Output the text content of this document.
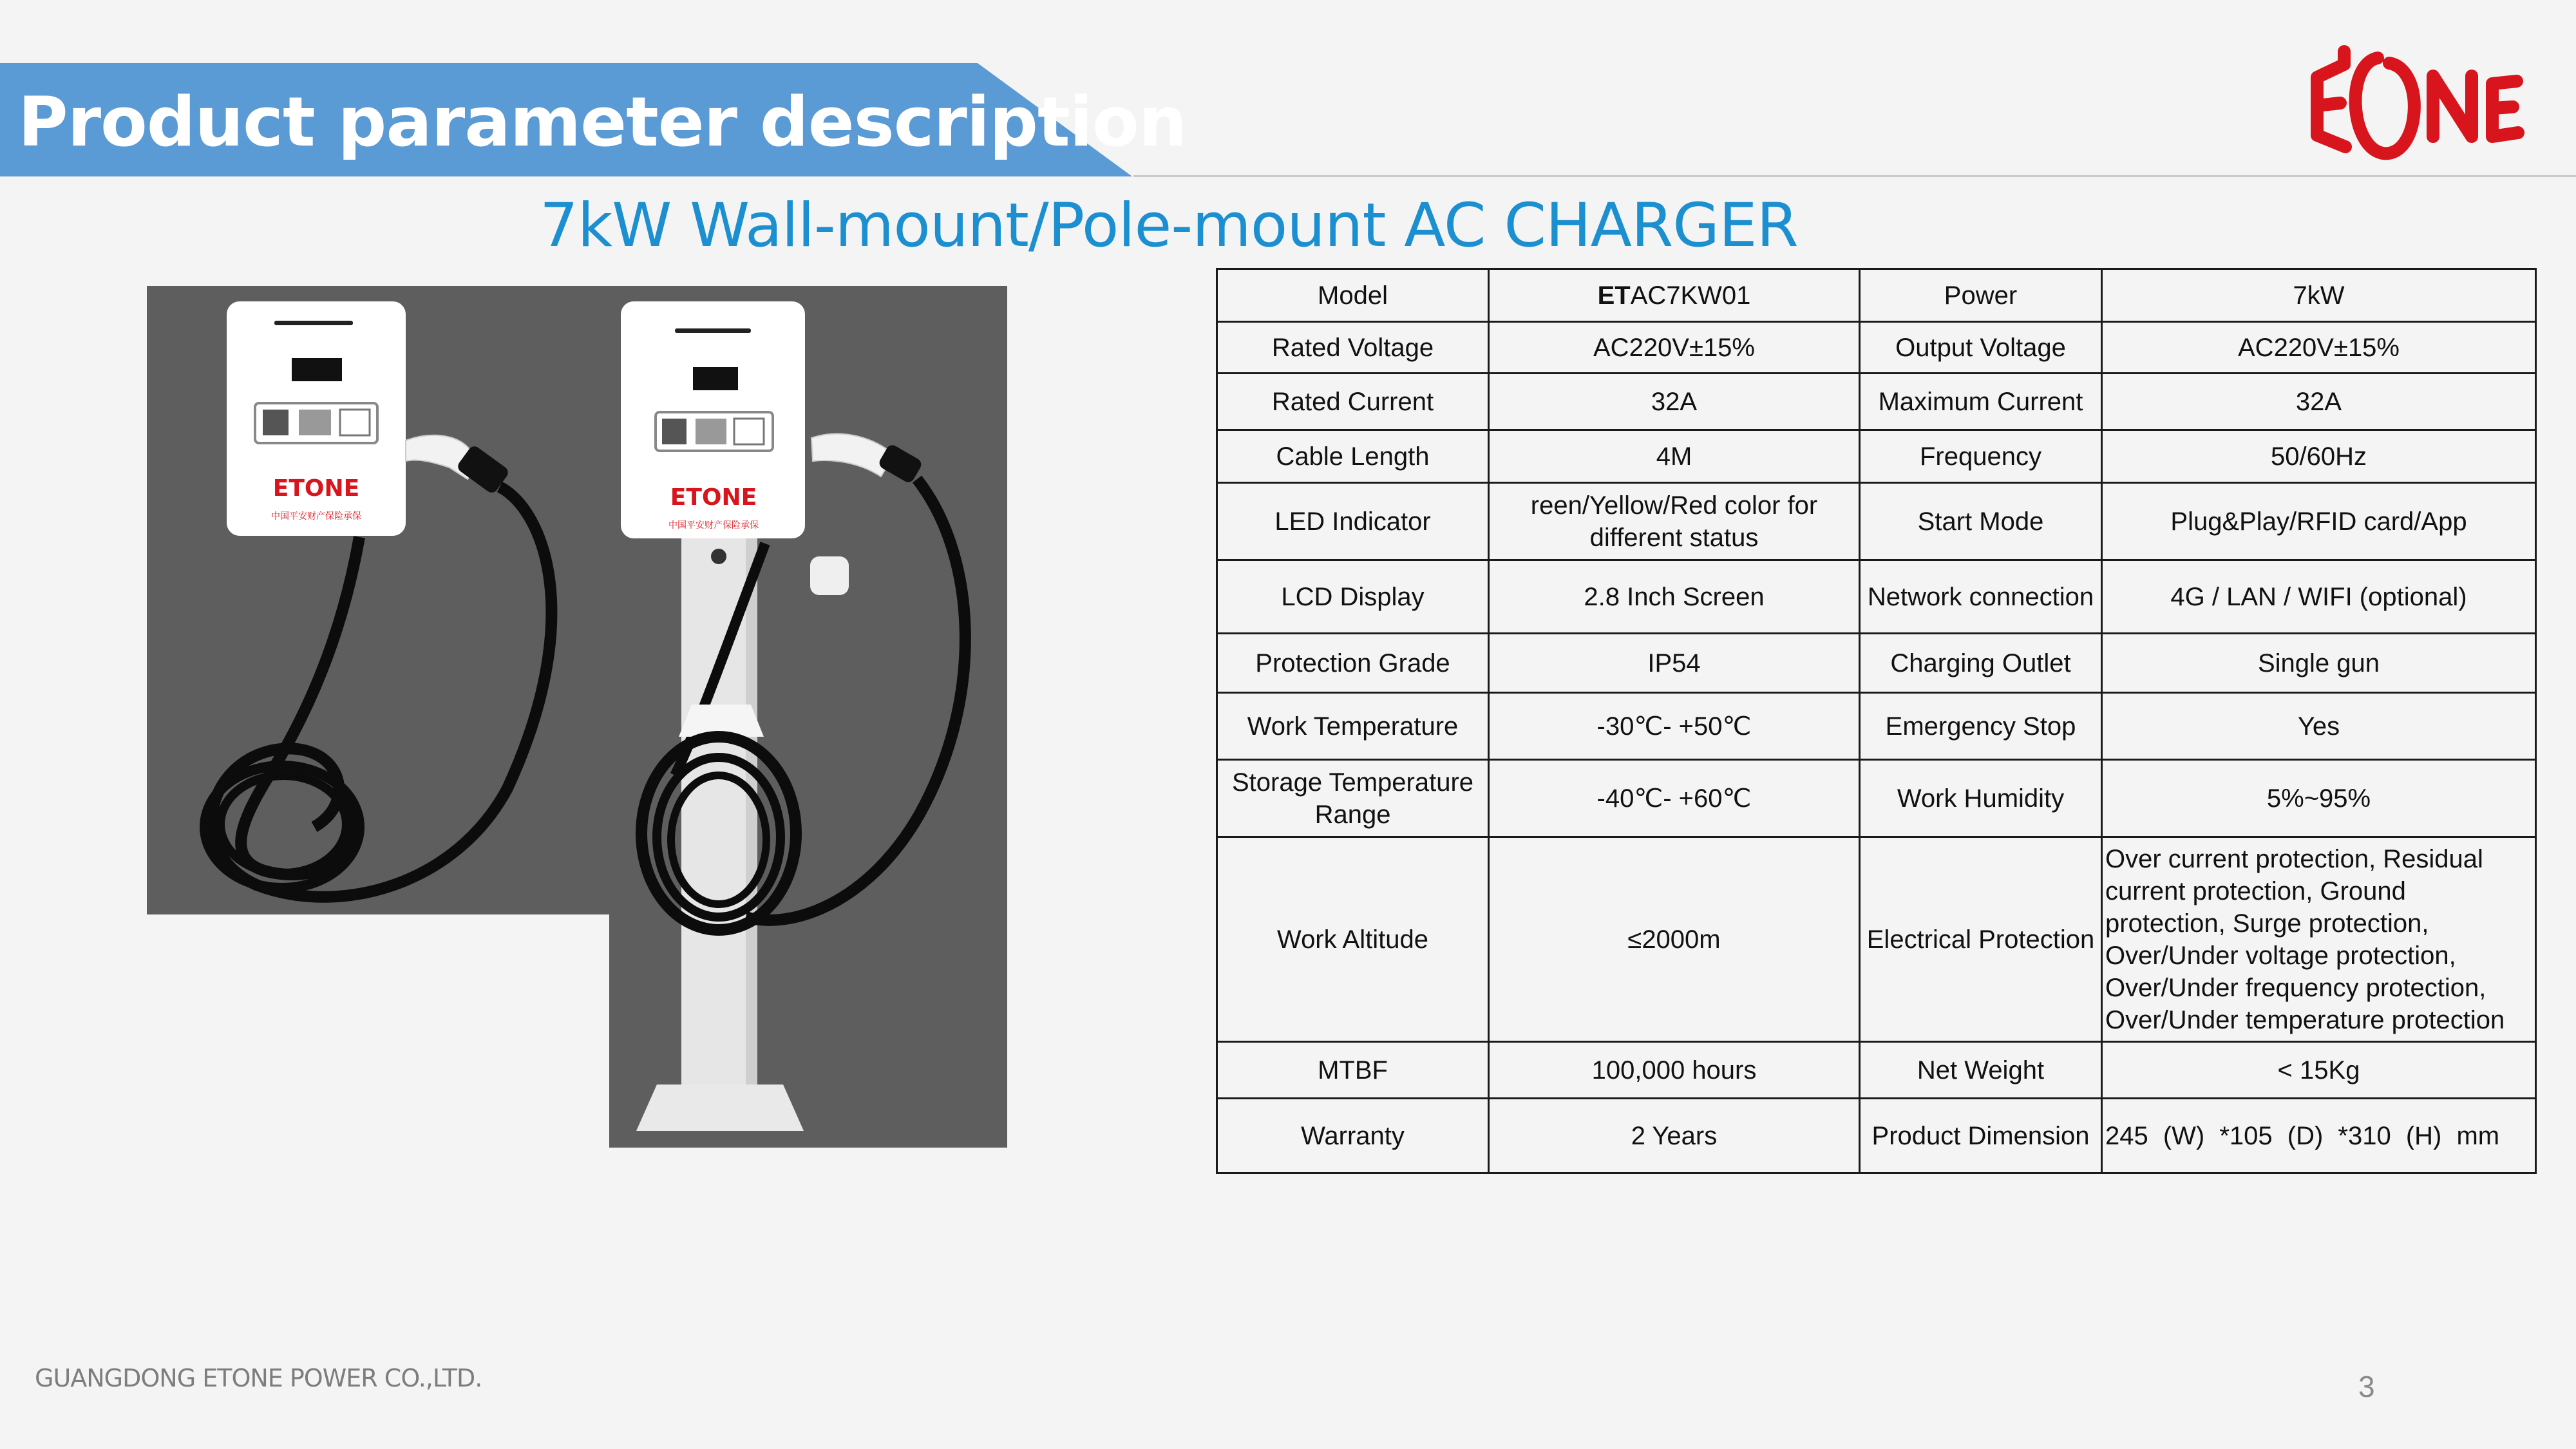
Product parameter description
7kW Wall-mount/Pole-mount AC CHARGER
ETONE
中国平安财产保险承保
ETONE
中国平安财产保险承保
Model	ETAC7KW01	Power	7kW
Rated Voltage	AC220V±15%	Output Voltage	AC220V±15%
Rated Current	32A	Maximum Current	32A
Cable Length	4M	Frequency	50/60Hz
LED Indicator	reen/Yellow/Red color for different status	Start Mode	Plug&Play/RFID card/App
LCD Display	2.8 Inch Screen	Network connection	4G / LAN / WIFI (optional)
Protection Grade	IP54	Charging Outlet	Single gun
Work Temperature	-30℃- +50℃	Emergency Stop	Yes
Storage Temperature Range	-40℃- +60℃	Work Humidity	5%~95%
Work Altitude	≤2000m	Electrical Protection	Over current protection, Residual current protection, Ground protection, Surge protection, Over/Under voltage protection, Over/Under frequency protection, Over/Under temperature protection
MTBF	100,000 hours	Net Weight	< 15Kg
Warranty	2 Years	Product Dimension	245 (W) *105 (D) *310 (H) mm
GUANGDONG ETONE POWER CO.,LTD.	3
